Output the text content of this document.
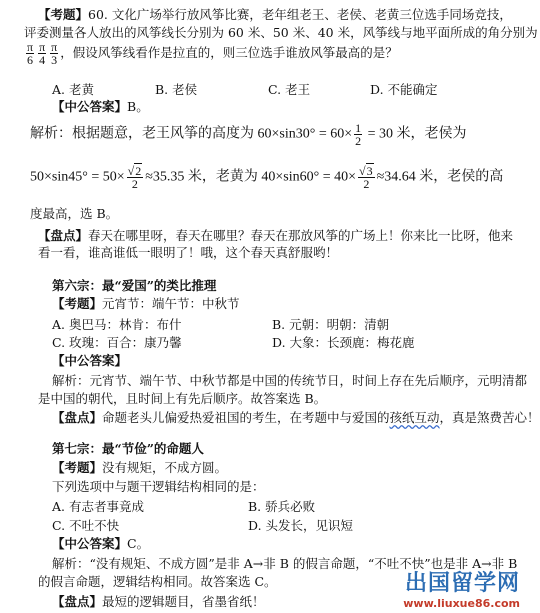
【考题】60. 文化广场举行放风筝比赛，老年组老王、老侯、老黄三位选手同场竞技，
评委测量各人放出的风筝线长分别为 60 米、50 米、40 米，风筝线与地平面所成的角分别为
$\frac{\pi}{6} \frac{\pi}{4} \frac{\pi}{3}$ ，假设风筝线看作是拉直的，则三位选手谁放风筝最高的是？
A. 老黄	B. 老侯	C. 老王	D. 不能确定
【中公答案】B。
解析：根据题意，老王风筝的高度为 $60\times\sin 30^\circ = 60\times \frac{1}{2} = 30$ 米，老侯为
$50\times\sin 45^\circ = 50\times \frac{√2}{2} \approx 35.35$ 米，老黄为 $40\times\sin 60^\circ = 40\times \frac{√3}{2} \approx 34.64$ 米，老侯的高
度最高，选 B。
【盘点】春天在哪里呀，春天在哪里？春天在那放风筝的广场上！你来比一比呀，他来
看一看，谁高谁低一眼明了！哦，这个春天真舒服哟！
第六宗：最“爱国”的类比推理
【考题】元宵节：端午节：中秋节
A. 奥巴马：林肯：布什	B. 元朝：明朝：清朝
C. 玫瑰：百合：康乃馨	D. 大象：长颈鹿：梅花鹿
【中公答案】
解析：元宵节、端午节、中秋节都是中国的传统节日，时间上存在先后顺序，元明清都
是中国的朝代，且时间上有先后顺序。故答案选 B。
【盘点】命题老头儿偏爱热爱祖国的考生，在考题中与爱国的孩纸互动，真是煞费苦心！
第七宗：最“节俭”的命题人
【考题】没有规矩，不成方圆。
下列选项中与题干逻辑结构相同的是：
A. 有志者事竟成	B. 骄兵必败
C. 不吐不快	D. 头发长，见识短
【中公答案】C。
解析：“没有规矩、不成方圆”是非 A→非 B 的假言命题，“不吐不快”也是非 A→非 B
的假言命题，逻辑结构相同。故答案选 C。
【盘点】最短的逻辑题目，省墨省纸！
出国留学网
www.liuxue86.com
